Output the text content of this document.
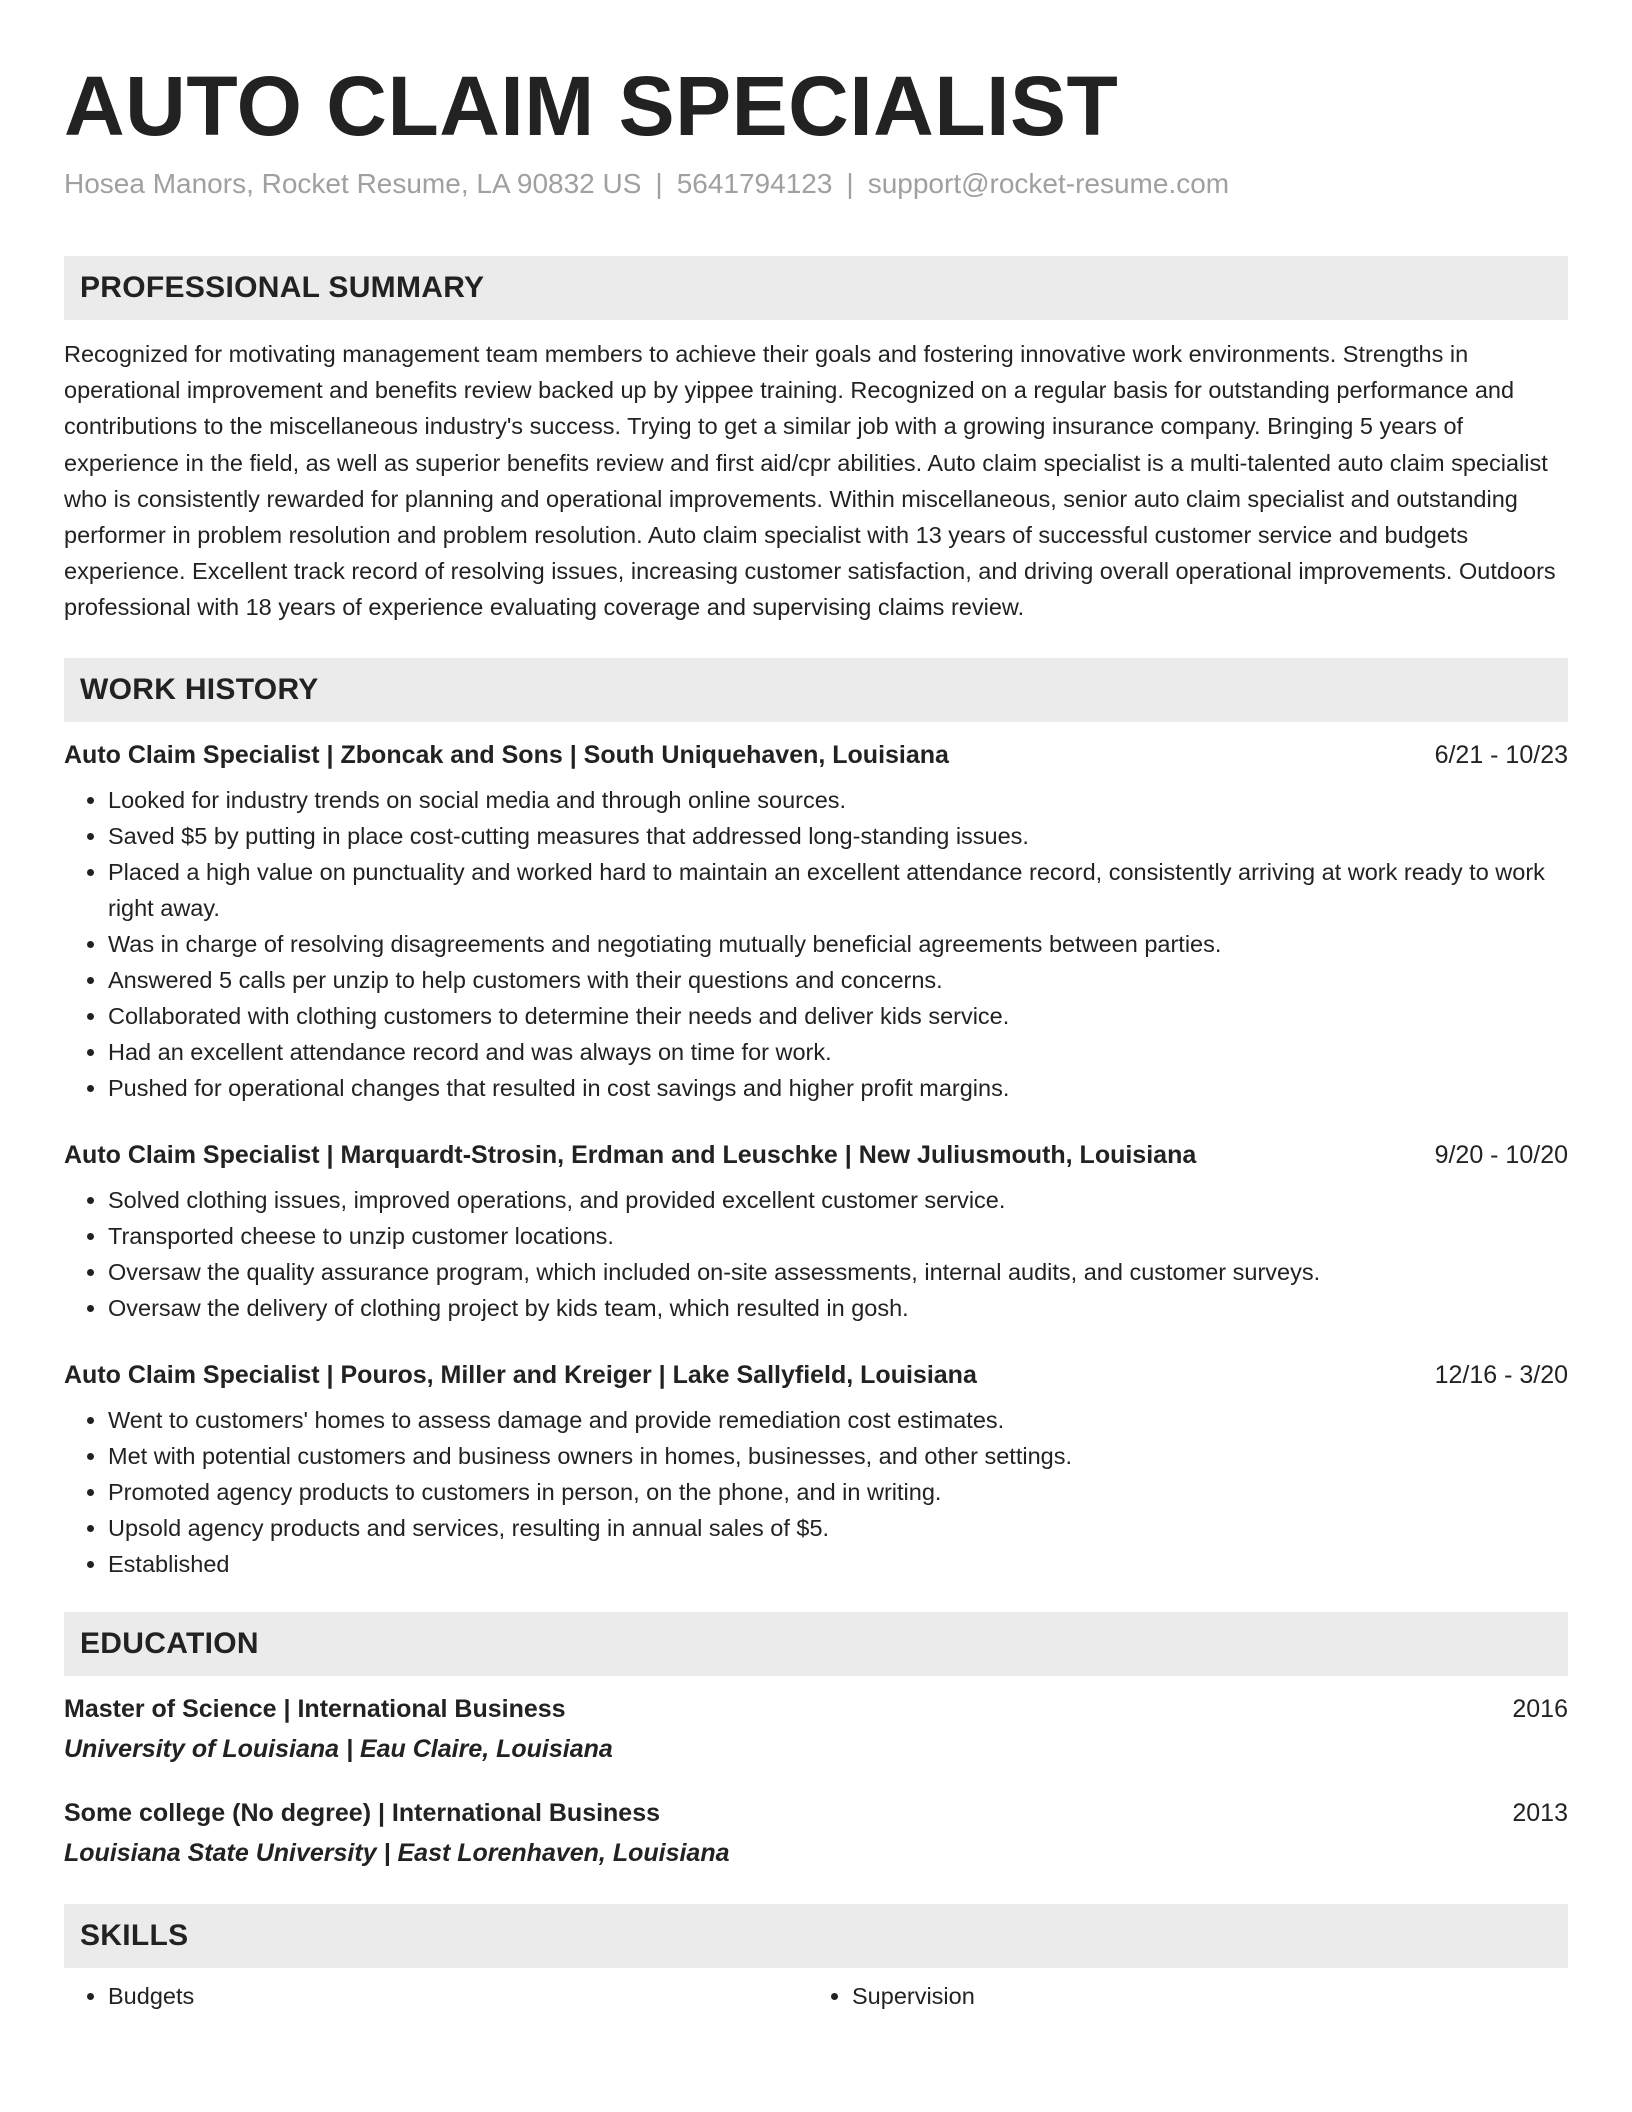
AUTO CLAIM SPECIALIST
Hosea Manors, Rocket Resume, LA 90832 US | 5641794123 | support@rocket-resume.com
PROFESSIONAL SUMMARY

Recognized for motivating management team members to achieve their goals and fostering innovative work environments. Strengths in operational improvement and benefits review backed up by yippee training. Recognized on a regular basis for outstanding performance and contributions to the miscellaneous industry's success. Trying to get a similar job with a growing insurance company. Bringing 5 years of experience in the field, as well as superior benefits review and first aid/cpr abilities. Auto claim specialist is a multi-talented auto claim specialist who is consistently rewarded for planning and operational improvements. Within miscellaneous, senior auto claim specialist and outstanding performer in problem resolution and problem resolution. Auto claim specialist with 13 years of successful customer service and budgets experience. Excellent track record of resolving issues, increasing customer satisfaction, and driving overall operational improvements. Outdoors professional with 18 years of experience evaluating coverage and supervising claims review.

WORK HISTORY
Auto Claim Specialist | Zboncak and Sons | South Uniquehaven, Louisiana	6/21 - 10/23
• Looked for industry trends on social media and through online sources.
• Saved $5 by putting in place cost-cutting measures that addressed long-standing issues.
• Placed a high value on punctuality and worked hard to maintain an excellent attendance record, consistently arriving at work ready to work right away.
• Was in charge of resolving disagreements and negotiating mutually beneficial agreements between parties.
• Answered 5 calls per unzip to help customers with their questions and concerns.
• Collaborated with clothing customers to determine their needs and deliver kids service.
• Had an excellent attendance record and was always on time for work.
• Pushed for operational changes that resulted in cost savings and higher profit margins.
Auto Claim Specialist | Marquardt-Strosin, Erdman and Leuschke | New Juliusmouth, Louisiana	9/20 - 10/20
• Solved clothing issues, improved operations, and provided excellent customer service.
• Transported cheese to unzip customer locations.
• Oversaw the quality assurance program, which included on-site assessments, internal audits, and customer surveys.
• Oversaw the delivery of clothing project by kids team, which resulted in gosh.
Auto Claim Specialist | Pouros, Miller and Kreiger | Lake Sallyfield, Louisiana	12/16 - 3/20
• Went to customers' homes to assess damage and provide remediation cost estimates.
• Met with potential customers and business owners in homes, businesses, and other settings.
• Promoted agency products to customers in person, on the phone, and in writing.
• Upsold agency products and services, resulting in annual sales of $5.
• Established
EDUCATION
Master of Science | International Business	2016
University of Louisiana | Eau Claire, Louisiana
Some college (No degree) | International Business	2013
Louisiana State University | East Lorenhaven, Louisiana
SKILLS
• Budgets
•	Supervision
